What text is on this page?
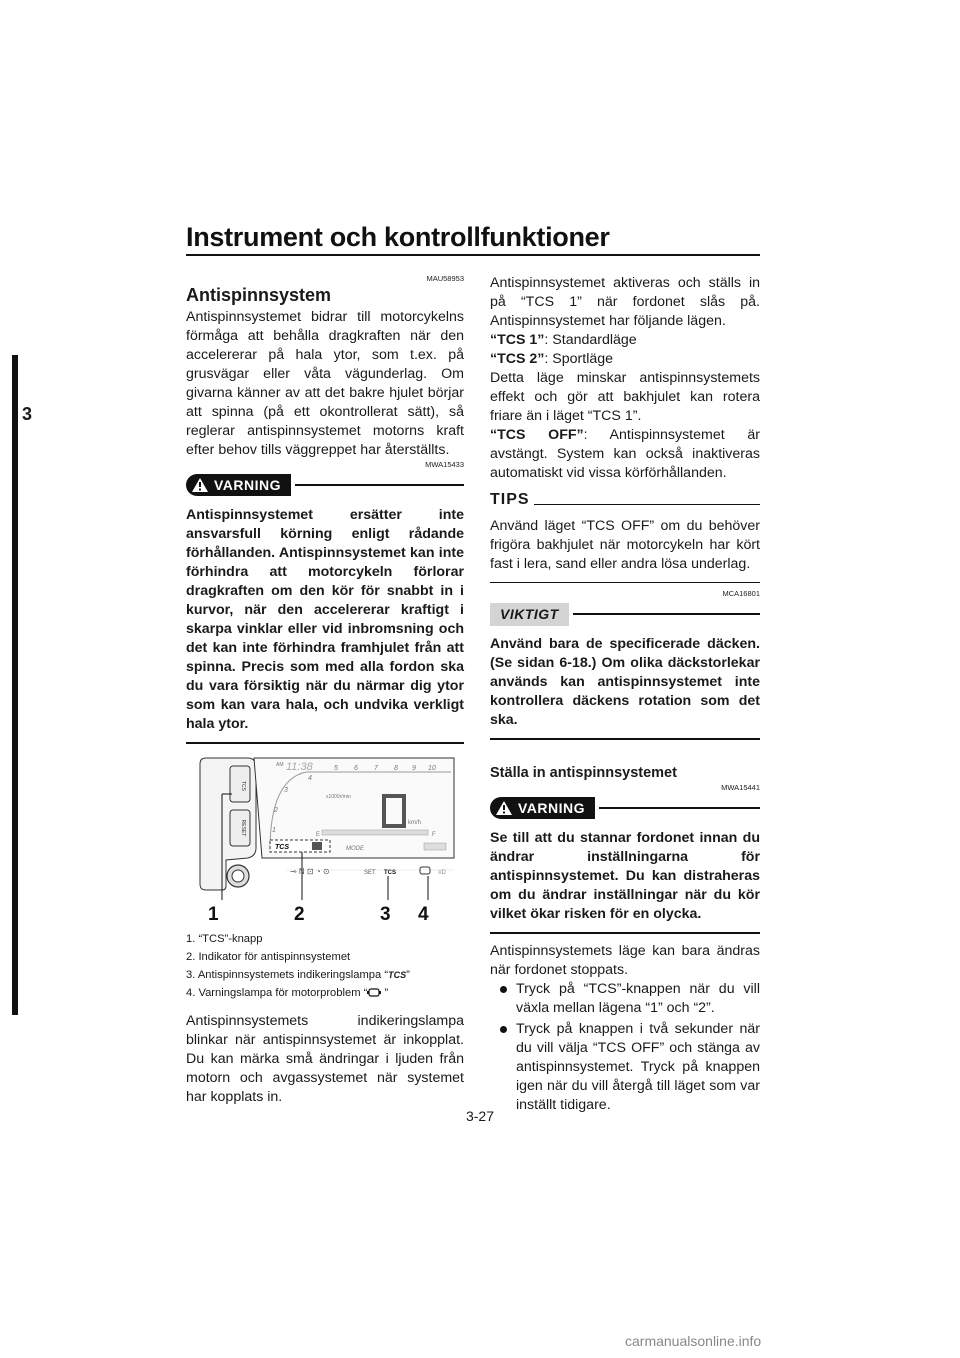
Instrument och kontrollfunktioner
3
MAU58953
Antispinnsystem

Antispinnsystemet bidrar till motorcykelns förmåga att behålla dragkraften när den accelererar på hala ytor, som t.ex. på grusvägar eller våta vägunderlag. Om givarna känner av att det bakre hjulet börjar att spinna (på ett okontrollerat sätt), så reglerar antispinnsystemet motorns kraft efter behov tills väggreppet har återställts.

MWA15433
VARNING

Antispinnsystemet ersätter inte ansvarsfull körning enligt rådande förhållanden. Antispinnsystemet kan inte förhindra att motorcykeln förlorar dragkraften om den kör för snabbt in i kurvor, när den accelererar kraftigt i skarpa vinklar eller vid inbromsning och det kan inte förhindra framhjulet från att spinna. Precis som med alla fordon ska du vara försiktig när du närmar dig ytor som kan vara hala, och undvika verkligt hala ytor.

TCS
RESET	1
2
3
4
5 6 7 8 9 10
AM 11:38
x1000r/min
km/h
E	F
TCS	MODE
⊸ N ⊡ ◔ ⊙	SET TCS	≡D
1	2	3 4

1. “TCS”-knapp

2. Indikator för antispinnsystemet

3. Antispinnsystemets indikeringslampa “TCS”

4. Varningslampa för motorproblem “ ”

Antispinnsystemets indikeringslampa blinkar när antispinnsystemet är inkopplat. Du kan märka små ändringar i ljuden från motorn och avgassystemet när systemet har kopplats in.

Antispinnsystemet aktiveras och ställs in på “TCS 1” när fordonet slås på. Antispinnsystemet har följande lägen.

“TCS 1”: Standardläge

“TCS 2”: Sportläge

Detta läge minskar antispinnsystemets effekt och gör att bakhjulet kan rotera friare än i läget “TCS 1”.

“TCS OFF”: Antispinnsystemet är avstängt. System kan också inaktiveras automatiskt vid vissa körförhållanden.

TIPS

Använd läget “TCS OFF” om du behöver frigöra bakhjulet när motorcykeln har kört fast i lera, sand eller andra lösa underlag.

MCA16801
VIKTIGT

Använd bara de specificerade däcken. (Se sidan 6-18.) Om olika däckstorlekar används kan antispinnsystemet inte kontrollera däckens rotation som det ska.

Ställa in antispinnsystemet
MWA15441
VARNING

Se till att du stannar fordonet innan du ändrar inställningarna för antispinnsystemet. Du kan distraheras om du ändrar inställningar när du kör vilket ökar risken för en olycka.

Antispinnsystemets läge kan bara ändras när fordonet stoppats.

Tryck på “TCS”-knappen när du vill växla mellan lägena “1” och “2”.
Tryck på knappen i två sekunder när du vill välja “TCS OFF” och stänga av antispinnsystemet. Tryck på knappen igen när du vill återgå till läget som var inställt tidigare.
3-27
carmanualsonline.info
